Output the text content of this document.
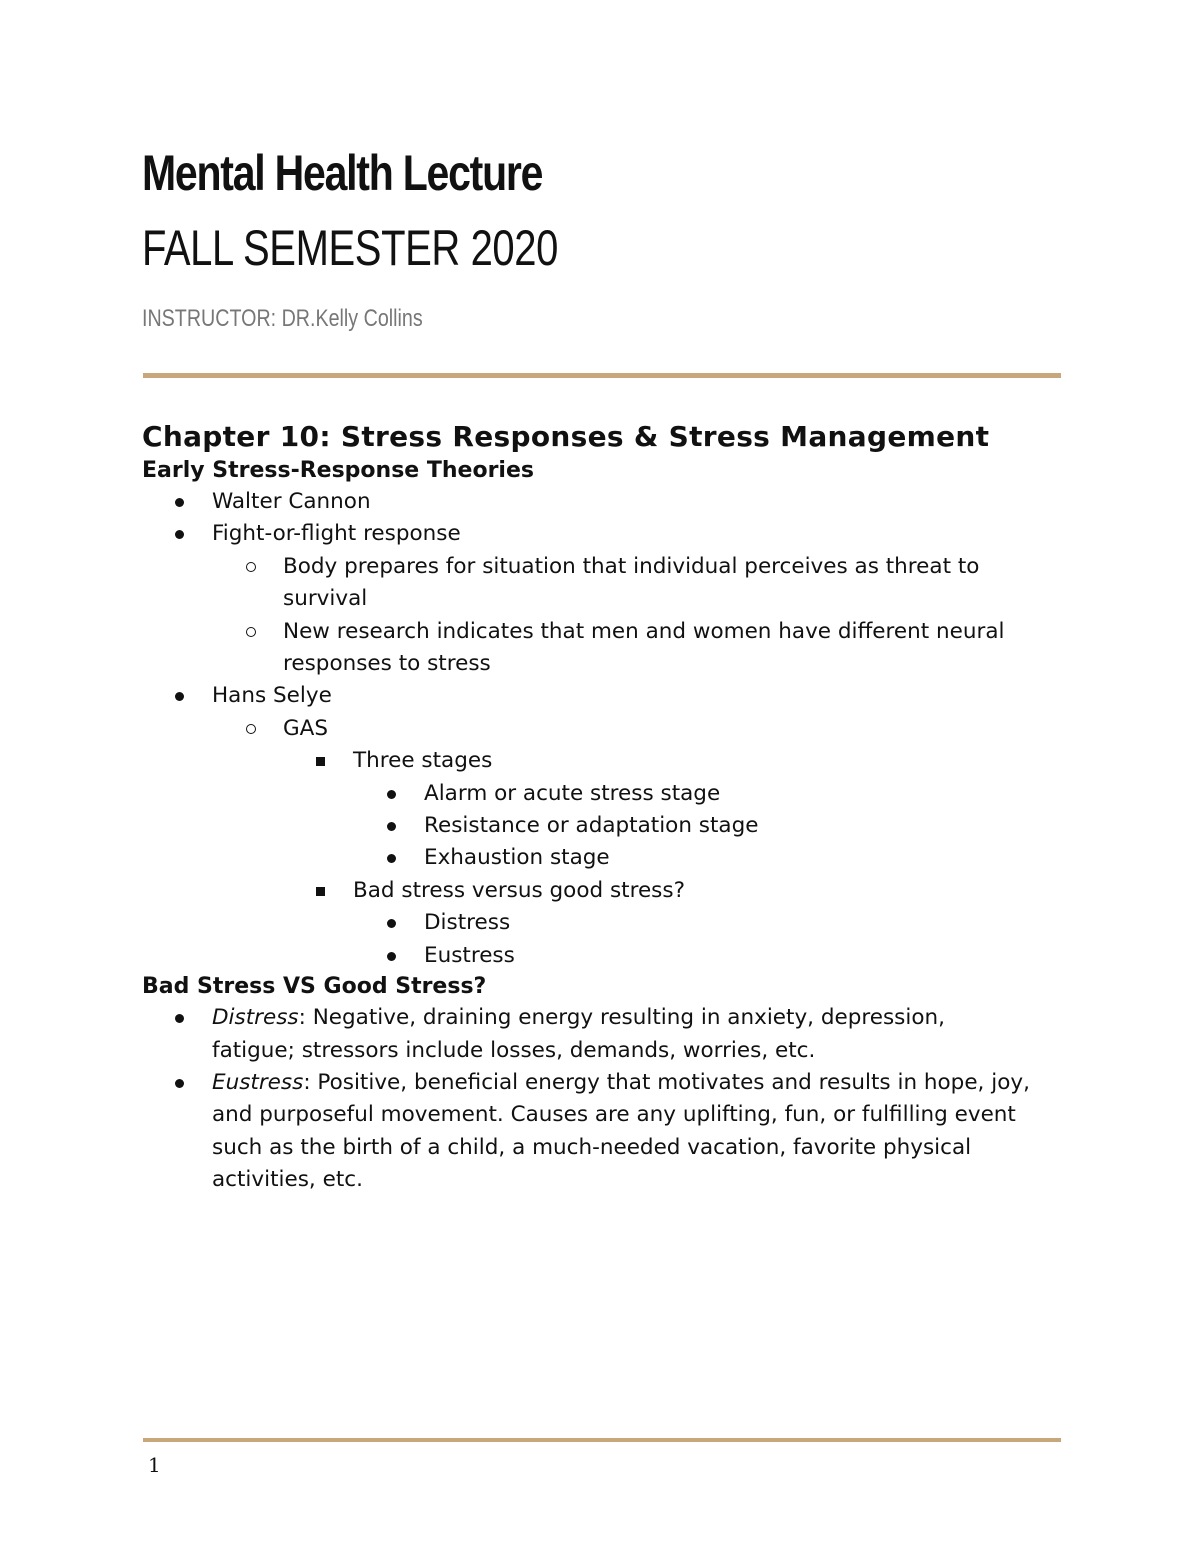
Mental Health Lecture
FALL SEMESTER 2020
INSTRUCTOR: DR.Kelly Collins
Chapter 10: Stress Responses & Stress Management
Early Stress-Response Theories
Walter Cannon
Fight-or-flight response
Body prepares for situation that individual perceives as threat to survival
New research indicates that men and women have different neural responses to stress
Hans Selye
GAS
Three stages
Alarm or acute stress stage
Resistance or adaptation stage
Exhaustion stage
Bad stress versus good stress?
Distress
Eustress
Bad Stress VS Good Stress?
Distress: Negative, draining energy resulting in anxiety, depression, fatigue; stressors include losses, demands, worries, etc.
Eustress: Positive, beneficial energy that motivates and results in hope, joy, and purposeful movement. Causes are any uplifting, fun, or fulfilling event such as the birth of a child, a much-needed vacation, favorite physical activities, etc.
1
